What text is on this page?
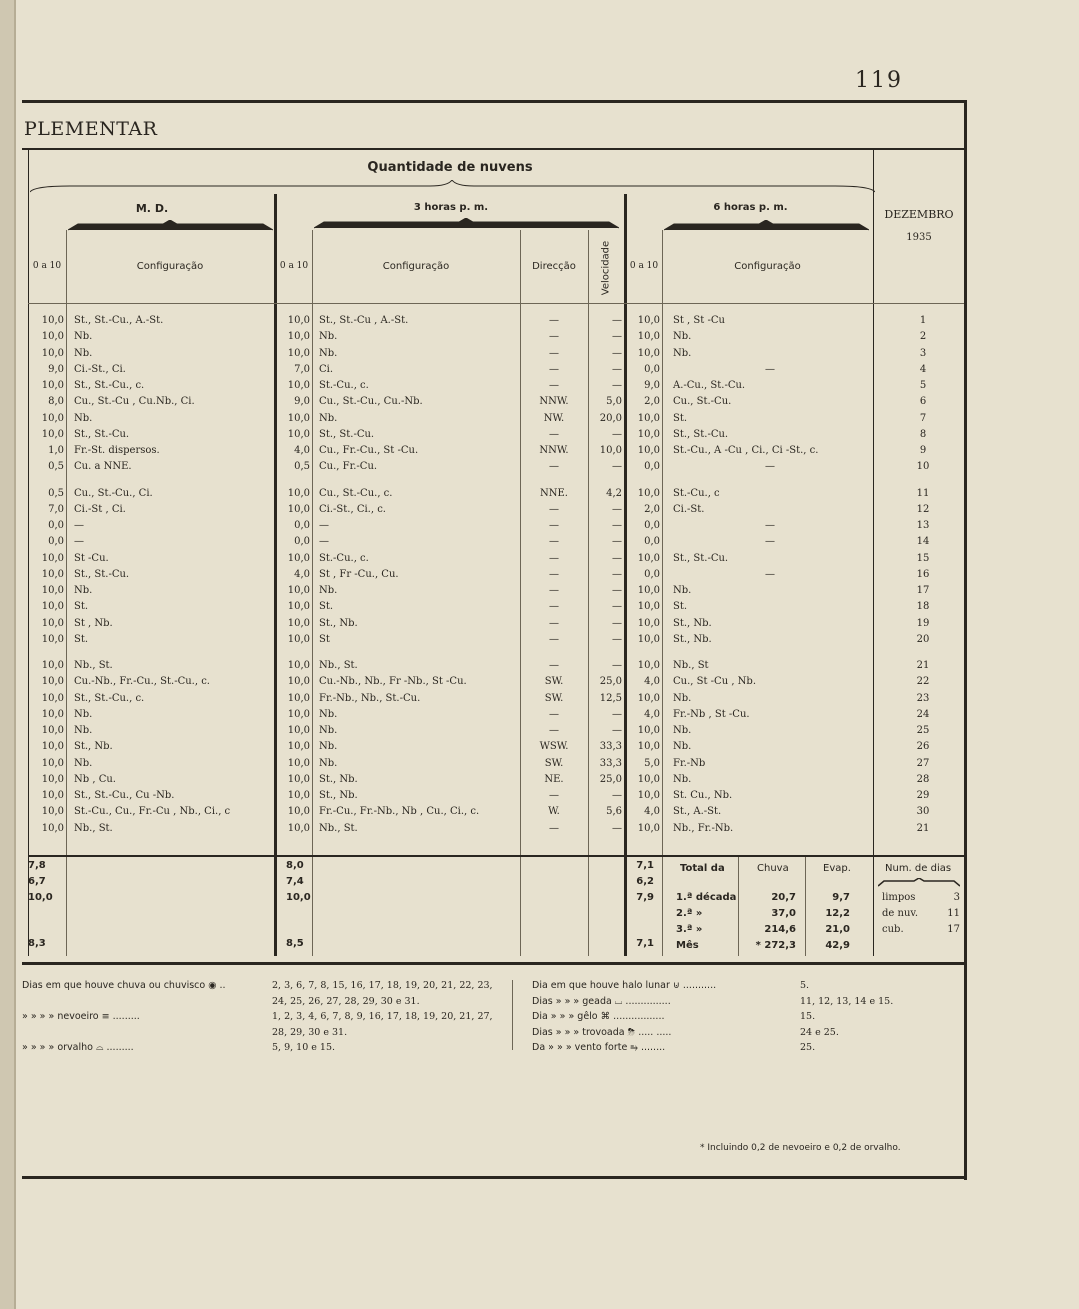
119
PLEMENTAR
Quantidade de nuvens
M. D.	3 horas p. m.	6 horas p. m.
DEZEMBRO
1935
0 a 10	Configuração	0 a 10	Configuração	Direcção	Velocidade	0 a 10	Configuração
10,0 St., St.-Cu., A.-St.	10,0 St., St.-Cu , A.-St.	—	—	10,0 St , St -Cu	1
10,0 Nb.	10,0 Nb.	—	—	10,0 Nb.	2
10,0 Nb.	10,0 Nb.	—	—	10,0 Nb.	3
9,0 Ci.-St., Ci.	7,0 Ci.	—	—	0,0	—	4
10,0 St., St.-Cu., c.	10,0 St.-Cu., c.	—	—	9,0 A.-Cu., St.-Cu.	5
8,0 Cu., St.-Cu , Cu.Nb., Ci.	9,0 Cu., St.-Cu., Cu.-Nb.	NNW.	5,0	2,0 Cu., St.-Cu.	6
10,0 Nb.	10,0 Nb.	NW.	20,0	10,0 St.	7
10,0 St., St.-Cu.	10,0 St., St.-Cu.	—	—	10,0 St., St.-Cu.	8
1,0 Fr.-St. dispersos.	4,0 Cu., Fr.-Cu., St -Cu.	NNW.	10,0	10,0 St.-Cu., A -Cu , Ci., Ci -St., c.	9
0,5 Cu. a NNE.	0,5 Cu., Fr.-Cu.	—	—	0,0	—	10
0,5 Cu., St.-Cu., Ci.	10,0 Cu., St.-Cu., c.	NNE.	4,2	10,0 St.-Cu., c	11
7,0 Ci.-St , Ci.	10,0 Ci.-St., Ci., c.	—	—	2,0 Ci.-St.	12
0,0 —	0,0 —	—	—	0,0	—	13
0,0 —	0,0 —	—	—	0,0	—	14
10,0 St -Cu.	10,0 St.-Cu., c.	—	—	10,0 St., St.-Cu.	15
10,0 St., St.-Cu.	4,0 St , Fr -Cu., Cu.	—	—	0,0	—	16
10,0 Nb.	10,0 Nb.	—	—	10,0 Nb.	17
10,0 St.	10,0 St.	—	—	10,0 St.	18
10,0 St , Nb.	10,0 St., Nb.	—	—	10,0 St., Nb.	19
10,0 St.	10,0 St	—	—	10,0 St., Nb.	20
10,0 Nb., St.	10,0 Nb., St.	—	—	10,0 Nb., St	21
10,0 Cu.-Nb., Fr.-Cu., St.-Cu., c.	10,0 Cu.-Nb., Nb., Fr -Nb., St -Cu.	SW.	25,0	4,0 Cu., St -Cu , Nb.	22
10,0 St., St.-Cu., c.	10,0 Fr.-Nb., Nb., St.-Cu.	SW.	12,5	10,0 Nb.	23
10,0 Nb.	10,0 Nb.	—	—	4,0 Fr.-Nb , St -Cu.	24
10,0 Nb.	10,0 Nb.	—	—	10,0 Nb.	25
10,0 St., Nb.	10,0 Nb.	WSW.	33,3	10,0 Nb.	26
10,0 Nb.	10,0 Nb.	SW.	33,3	5,0 Fr.-Nb	27
10,0 Nb , Cu.	10,0 St., Nb.	NE.	25,0	10,0 Nb.	28
10,0 St., St.-Cu., Cu -Nb.	10,0 St., Nb.	—	—	10,0 St. Cu., Nb.	29
10,0 St.-Cu., Cu., Fr.-Cu , Nb., Ci., c	10,0 Fr.-Cu., Fr.-Nb., Nb , Cu., Ci., c.	W.	5,6	4,0 St., A.-St.	30
10,0 Nb., St.	10,0 Nb., St.	—	—	10,0 Nb., Fr.-Nb.	21
7,8	8,0	7,1
6,7	7,4	6,2
10,0	10,0	7,9
8,3	8,5	7,1
1.ª década	20,7	9,7
2.ª »	37,0	12,2
3.ª »	214,6	21,0
Mês	* 272,3	42,9
limpos	3
de nuv.	11
cub.	17
Total da	Chuva	Evap.	Num. de dias
Dias em que houve chuva ou chuvisco ◉ ..	2, 3, 6, 7, 8, 15, 16, 17, 18, 19, 20, 21, 22, 23,
24, 25, 26, 27, 28, 29, 30 e 31.
» » » » nevoeiro ≡ .........	1, 2, 3, 4, 6, 7, 8, 9, 16, 17, 18, 19, 20, 21, 27,
28, 29, 30 e 31.
» » » » orvalho ⌓ .........	5, 9, 10 e 15.
Dia em que houve halo lunar ⊍ ...........	5.
Dias » » » geada ⌴ ...............	11, 12, 13, 14 e 15.
Dia » » » gêlo ⌘ .................	15.
Dias » » » trovoada ⛈ ..... .....	24 e 25.
Da » » » vento forte ⥱ ........	25.
* Incluindo 0,2 de nevoeiro e 0,2 de orvalho.
